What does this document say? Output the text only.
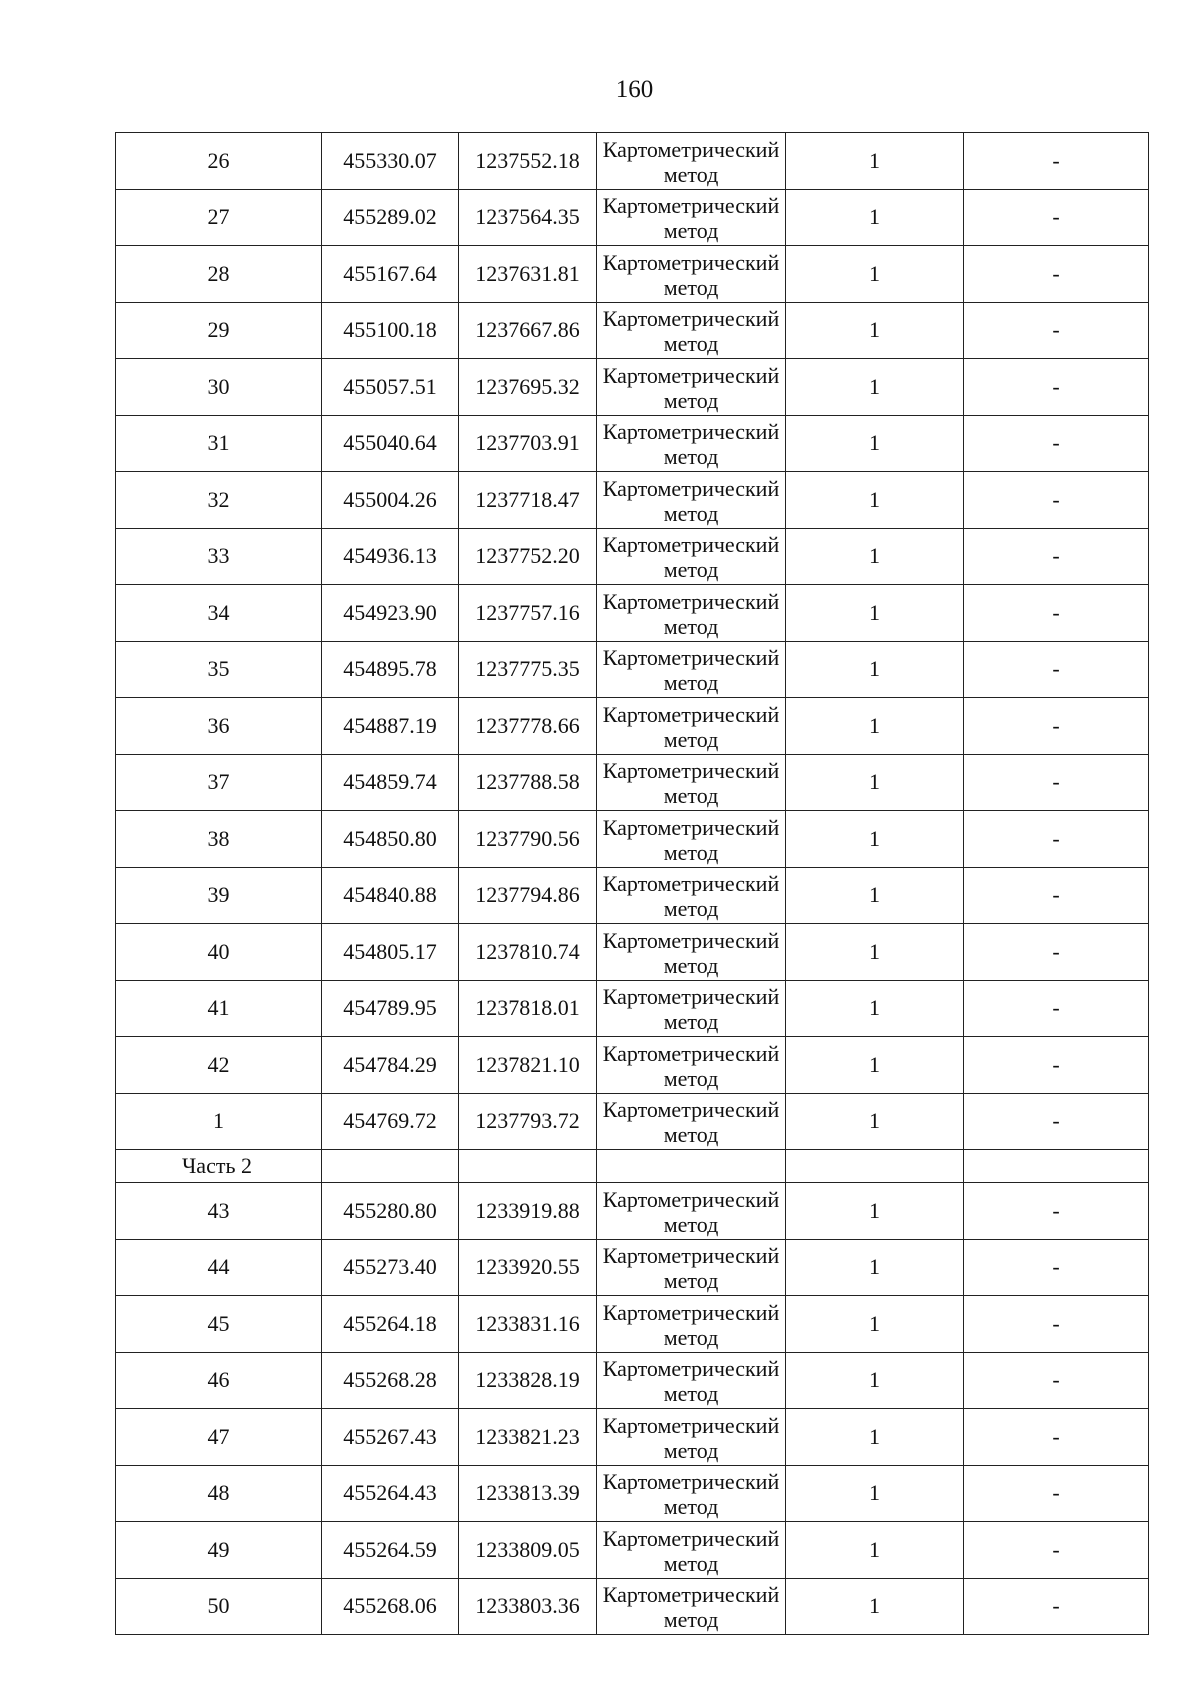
160
26	455330.07	1237552.18	Картометрический метод	1	-
27	455289.02	1237564.35	Картометрический метод	1	-
28	455167.64	1237631.81	Картометрический метод	1	-
29	455100.18	1237667.86	Картометрический метод	1	-
30	455057.51	1237695.32	Картометрический метод	1	-
31	455040.64	1237703.91	Картометрический метод	1	-
32	455004.26	1237718.47	Картометрический метод	1	-
33	454936.13	1237752.20	Картометрический метод	1	-
34	454923.90	1237757.16	Картометрический метод	1	-
35	454895.78	1237775.35	Картометрический метод	1	-
36	454887.19	1237778.66	Картометрический метод	1	-
37	454859.74	1237788.58	Картометрический метод	1	-
38	454850.80	1237790.56	Картометрический метод	1	-
39	454840.88	1237794.86	Картометрический метод	1	-
40	454805.17	1237810.74	Картометрический метод	1	-
41	454789.95	1237818.01	Картометрический метод	1	-
42	454784.29	1237821.10	Картометрический метод	1	-
1	454769.72	1237793.72	Картометрический метод	1	-
Часть 2					
43	455280.80	1233919.88	Картометрический метод	1	-
44	455273.40	1233920.55	Картометрический метод	1	-
45	455264.18	1233831.16	Картометрический метод	1	-
46	455268.28	1233828.19	Картометрический метод	1	-
47	455267.43	1233821.23	Картометрический метод	1	-
48	455264.43	1233813.39	Картометрический метод	1	-
49	455264.59	1233809.05	Картометрический метод	1	-
50	455268.06	1233803.36	Картометрический метод	1	-
